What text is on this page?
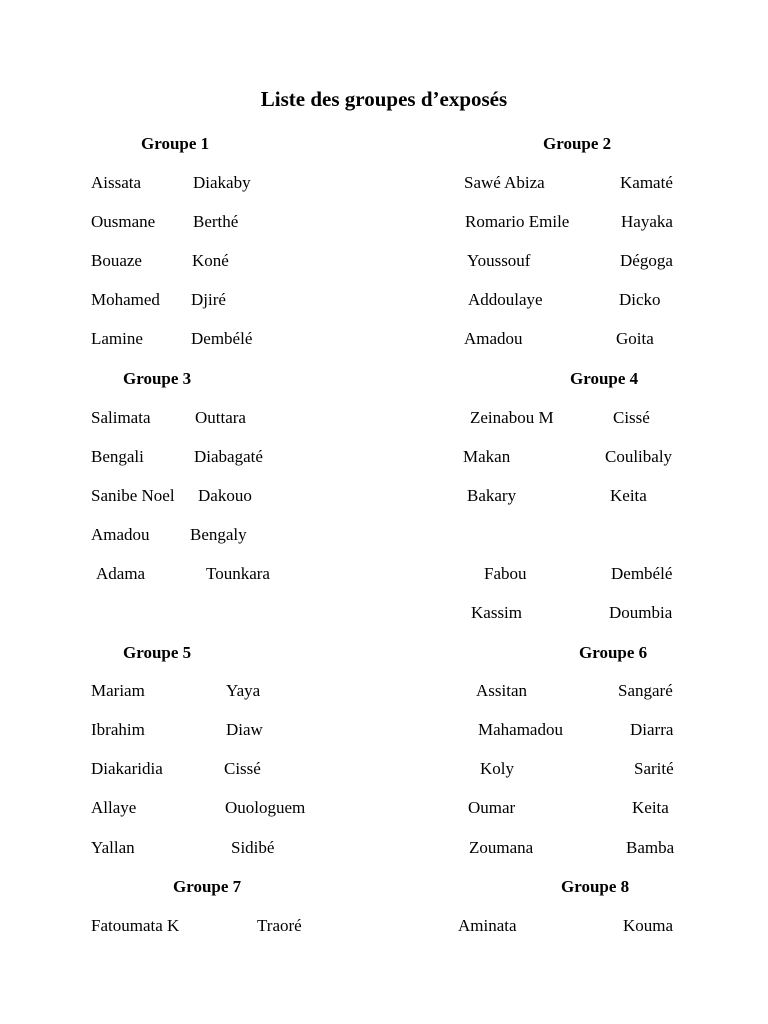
Liste des groupes d’exposés
Groupe 1
Aissata	Diakaby
Ousmane Berthé
Bouaze	Koné
Mohamed Djiré
Lamine	Dembélé
Groupe 2
Sawé Abiza	Kamaté
Romario Emile	Hayaka
Youssouf	Dégoga
Addoulaye	Dicko
Amadou	Goita
Groupe 3
Salimata	Outtara
Bengali	Diabagaté
Sanibe Noel Dakouo
Amadou Bengaly
Adama	Tounkara
Groupe 4
Zeinabou M	Cissé
Makan	Coulibaly
Bakary	Keita
Fabou	Dembélé
Kassim	Doumbia
Groupe 5
Mariam	Yaya
Ibrahim	Diaw
Diakaridia	Cissé
Allaye	Ouologuem
Yallan	Sidibé
Groupe 6
Assitan	Sangaré
Mahamadou	Diarra
Koly	Sarité
Oumar	Keita
Zoumana	Bamba
Groupe 7
Fatoumata K	Traoré
Groupe 8
Aminata	Kouma
